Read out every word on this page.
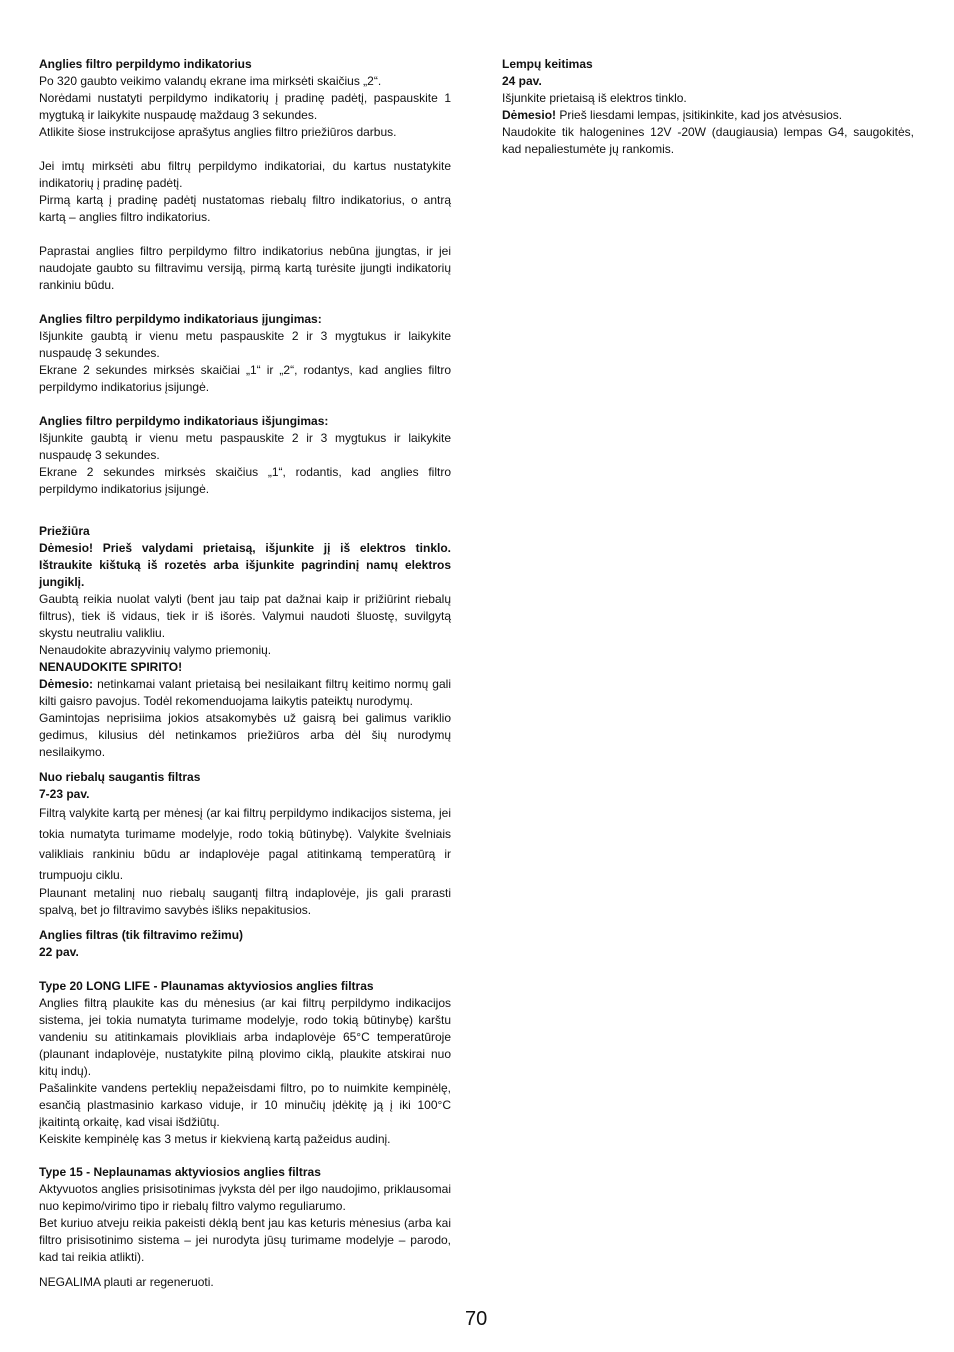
Anglies filtro perpildymo indikatorius

Po 320 gaubto veikimo valandų ekrane ima mirksėti skaičius „2“.

Norėdami nustatyti perpildymo indikatorių į pradinę padėtį, paspauskite 1 mygtuką ir laikykite nuspaudę maždaug 3 sekundes.

Atlikite šiose instrukcijose aprašytus anglies filtro priežiūros darbus.

Jei imtų mirksėti abu filtrų perpildymo indikatoriai, du kartus nustatykite indikatorių į pradinę padėtį.

Pirmą kartą į pradinę padėtį nustatomas riebalų filtro indikatorius, o antrą kartą – anglies filtro indikatorius.

Paprastai anglies filtro perpildymo filtro indikatorius nebūna įjungtas, ir jei naudojate gaubto su filtravimu versiją, pirmą kartą turėsite įjungti indikatorių rankiniu būdu.

Anglies filtro perpildymo indikatoriaus įjungimas:

Išjunkite gaubtą ir vienu metu paspauskite 2 ir 3 mygtukus ir laikykite nuspaudę 3 sekundes.

Ekrane 2 sekundes mirksės skaičiai „1“ ir „2“, rodantys, kad anglies filtro perpildymo indikatorius įsijungė.

Anglies filtro perpildymo indikatoriaus išjungimas:

Išjunkite gaubtą ir vienu metu paspauskite 2 ir 3 mygtukus ir laikykite nuspaudę 3 sekundes.

Ekrane 2 sekundes mirksės skaičius „1“, rodantis, kad anglies filtro perpildymo indikatorius įsijungė.

Priežiūra

Dėmesio! Prieš valydami prietaisą, išjunkite jį iš elektros tinklo. Ištraukite kištuką iš rozetės arba išjunkite pagrindinį namų elektros jungiklį.

Gaubtą reikia nuolat valyti (bent jau taip pat dažnai kaip ir prižiūrint riebalų filtrus), tiek iš vidaus, tiek ir iš išorės. Valymui naudoti šluostę, suvilgytą skystu neutraliu valikliu.

Nenaudokite abrazyvinių valymo priemonių.

NENAUDOKITE SPIRITO!

Dėmesio: netinkamai valant prietaisą bei nesilaikant filtrų keitimo normų gali kilti gaisro pavojus. Todėl rekomenduojama laikytis pateiktų nurodymų.

Gamintojas neprisiima jokios atsakomybės už gaisrą bei galimus variklio gedimus, kilusius dėl netinkamos priežiūros arba dėl šių nurodymų nesilaikymo.

Nuo riebalų saugantis filtras

7-23 pav.

Filtrą valykite kartą per mėnesį (ar kai filtrų perpildymo indikacijos sistema, jei tokia numatyta turimame modelyje, rodo tokią būtinybę). Valykite švelniais valikliais rankiniu būdu ar indaplovėje pagal atitinkamą temperatūrą ir trumpuoju ciklu.

Plaunant metalinį nuo riebalų saugantį filtrą indaplovėje, jis gali prarasti spalvą, bet jo filtravimo savybės išliks nepakitusios.

Anglies filtras (tik filtravimo režimu)

22 pav.

Type 20 LONG LIFE - Plaunamas aktyviosios anglies filtras

Anglies filtrą plaukite kas du mėnesius (ar kai filtrų perpildymo indikacijos sistema, jei tokia numatyta turimame modelyje, rodo tokią būtinybę) karštu vandeniu su atitinkamais plovikliais arba indaplovėje 65°C temperatūroje (plaunant indaplovėje, nustatykite pilną plovimo ciklą, plaukite atskirai nuo kitų indų).

Pašalinkite vandens perteklių nepažeisdami filtro, po to nuimkite kempinėlę, esančią plastmasinio karkaso viduje, ir 10 minučių įdėkitę ją į iki 100°C įkaitintą orkaitę, kad visai išdžiūtų.

Keiskite kempinėlę kas 3 metus ir kiekvieną kartą pažeidus audinį.

Type 15 - Neplaunamas aktyviosios anglies filtras

Aktyvuotos anglies prisisotinimas įvyksta dėl per ilgo naudojimo, priklausomai nuo kepimo/virimo tipo ir riebalų filtro valymo reguliarumo.

Bet kuriuo atveju reikia pakeisti dėklą bent jau kas keturis mėnesius (arba kai filtro prisisotinimo sistema – jei nurodyta jūsų turimame modelyje – parodo, kad tai reikia atlikti).

NEGALIMA plauti ar regeneruoti.

Lempų keitimas

24 pav.

Išjunkite prietaisą iš elektros tinklo.

Dėmesio! Prieš liesdami lempas, įsitikinkite, kad jos atvėsusios.

Naudokite tik halogenines 12V -20W (daugiausia) lempas G4, saugokitės, kad nepaliestumėte jų rankomis.

70
